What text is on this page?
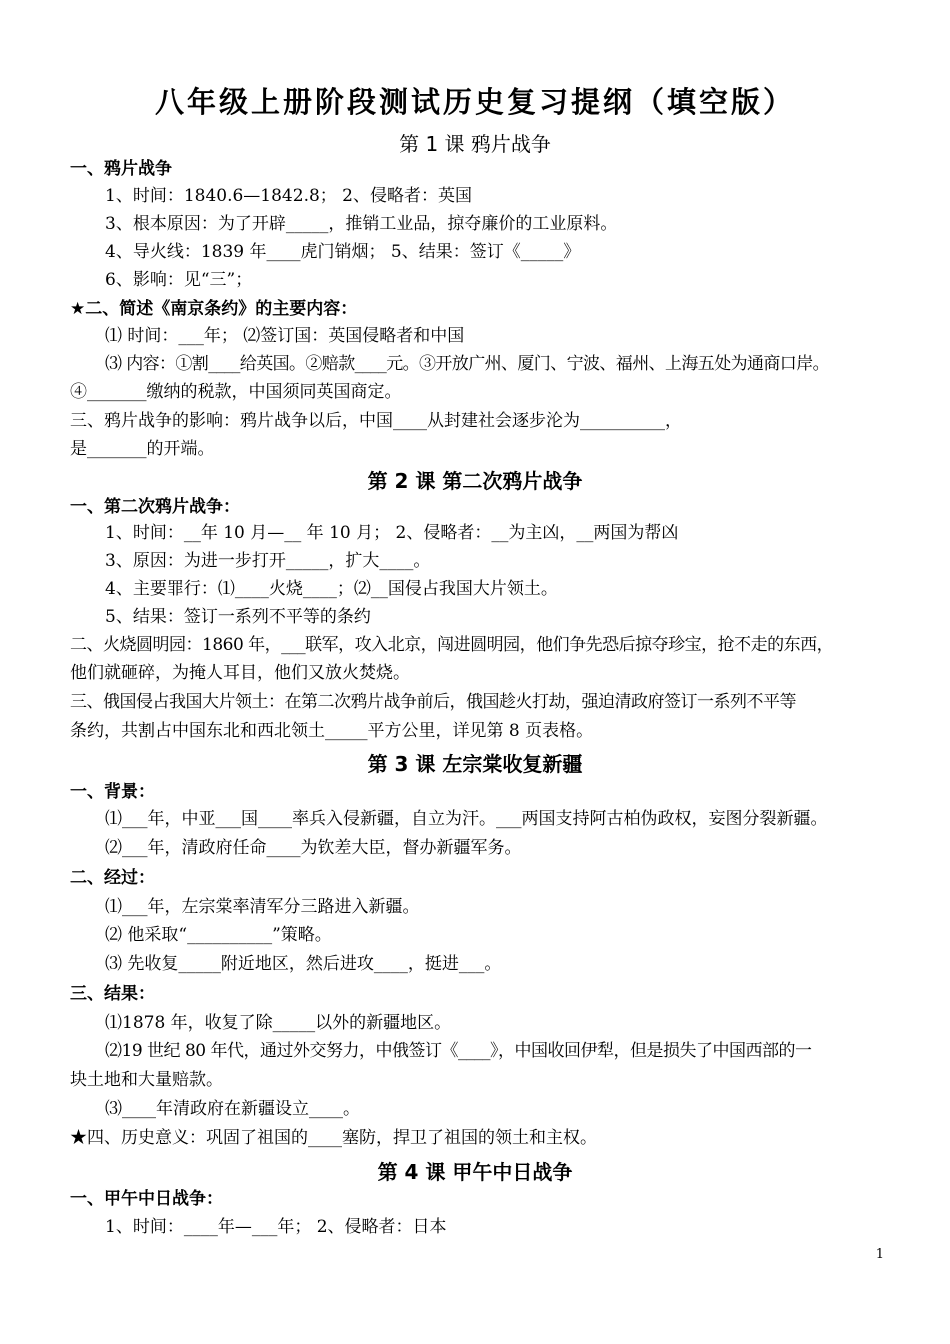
八年级上册阶段测试历史复习提纲（填空版）
第 1 课 鸦片战争
一、鸦片战争
1、时间：1840.6—1842.8； 2、侵略者：英国
3、根本原因：为了开辟_____，推销工业品，掠夺廉价的工业原料。
4、导火线：1839 年____虎门销烟； 5、结果：签订《_____》
6、影响：见“三”；
★二、简述《南京条约》的主要内容：
⑴ 时间：___年； ⑵签订国：英国侵略者和中国
⑶ 内容：①割____给英国。②赔款____元。③开放广州、厦门、宁波、福州、上海五处为通商口岸。
④_______缴纳的税款，中国须同英国商定。
三、鸦片战争的影响：鸦片战争以后，中国____从封建社会逐步沦为__________，
是_______的开端。
第 2 课 第二次鸦片战争
一、第二次鸦片战争：
1、时间：__年 10 月—__ 年 10 月； 2、侵略者：__为主凶，__两国为帮凶
3、原因：为进一步打开_____，扩大____。
4、主要罪行：⑴____火烧____；⑵__国侵占我国大片领土。
5、结果：签订一系列不平等的条约
二、火烧圆明园：1860 年，___联军，攻入北京，闯进圆明园，他们争先恐后掠夺珍宝，抢不走的东西，
他们就砸碎，为掩人耳目，他们又放火焚烧。
三、俄国侵占我国大片领土：在第二次鸦片战争前后，俄国趁火打劫，强迫清政府签订一系列不平等
条约，共割占中国东北和西北领土_____平方公里，详见第 8 页表格。
第 3 课 左宗棠收复新疆
一、背景：
⑴___年，中亚___国____率兵入侵新疆，自立为汗。___两国支持阿古柏伪政权，妄图分裂新疆。
⑵___年，清政府任命____为钦差大臣，督办新疆军务。
二、经过：
⑴___年，左宗棠率清军分三路进入新疆。
⑵ 他采取“__________”策略。
⑶ 先收复_____附近地区，然后进攻____，挺进___。
三、结果：
⑴1878 年，收复了除_____以外的新疆地区。
⑵19 世纪 80 年代，通过外交努力，中俄签订《____》，中国收回伊犁，但是损失了中国西部的一
块土地和大量赔款。
⑶____年清政府在新疆设立____。
★四、历史意义：巩固了祖国的____塞防，捍卫了祖国的领土和主权。
第 4 课 甲午中日战争
一、甲午中日战争：
1、时间：____年—___年； 2、侵略者：日本
1
